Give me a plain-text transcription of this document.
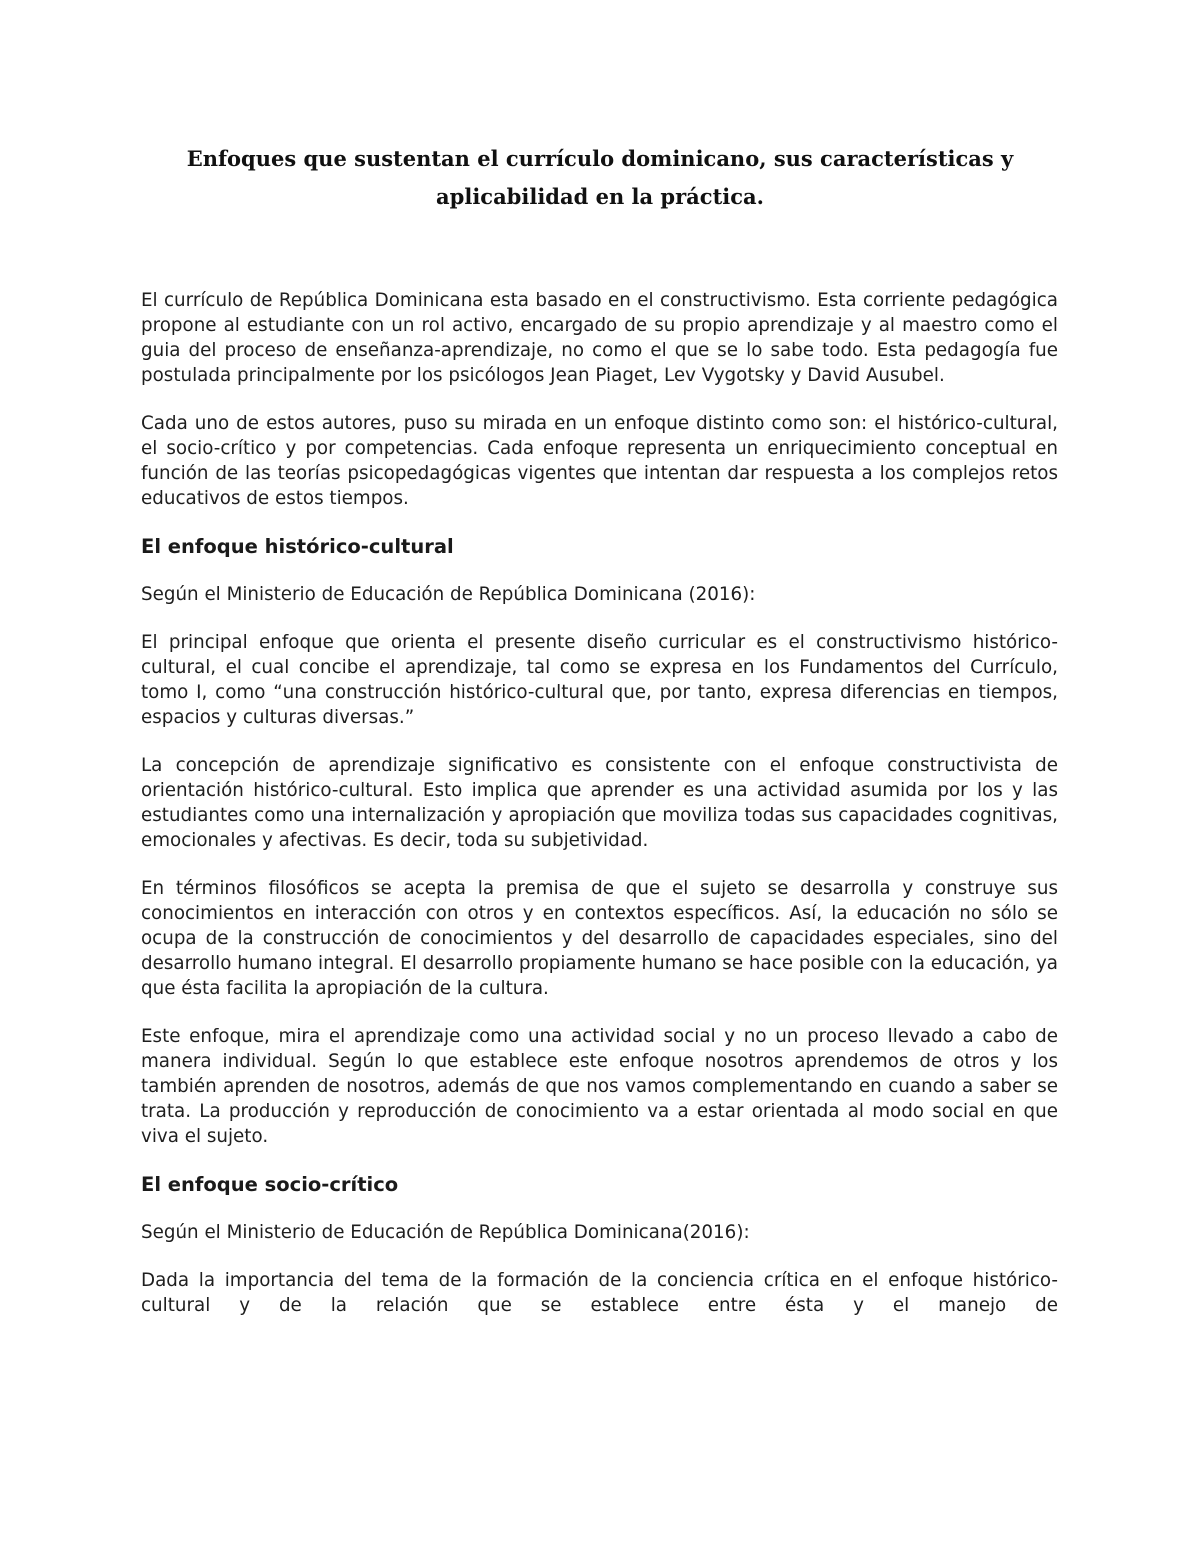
Enfoques que sustentan el currículo dominicano, sus características y aplicabilidad en la práctica.

El currículo de República Dominicana esta basado en el constructivismo. Esta corriente pedagógica propone al estudiante con un rol activo, encargado de su propio aprendizaje y al maestro como el guia del proceso de enseñanza-aprendizaje, no como el que se lo sabe todo. Esta pedagogía fue postulada principalmente por los psicólogos Jean Piaget, Lev Vygotsky y David Ausubel.

Cada uno de estos autores, puso su mirada en un enfoque distinto como son: el histórico-cultural, el socio-crítico y por competencias. Cada enfoque representa un enriquecimiento conceptual en función de las teorías psicopedagógicas vigentes que intentan dar respuesta a los complejos retos educativos de estos tiempos.

El enfoque histórico-cultural

Según el Ministerio de Educación de República Dominicana (2016):

El principal enfoque que orienta el presente diseño curricular es el constructivismo histórico-cultural, el cual concibe el aprendizaje, tal como se expresa en los Fundamentos del Currículo, tomo I, como “una construcción histórico-cultural que, por tanto, expresa diferencias en tiempos, espacios y culturas diversas.”

La concepción de aprendizaje significativo es consistente con el enfoque constructivista de orientación histórico-cultural. Esto implica que aprender es una actividad asumida por los y las estudiantes como una internalización y apropiación que moviliza todas sus capacidades cognitivas, emocionales y afectivas. Es decir, toda su subjetividad.

En términos filosóficos se acepta la premisa de que el sujeto se desarrolla y construye sus conocimientos en interacción con otros y en contextos específicos. Así, la educación no sólo se ocupa de la construcción de conocimientos y del desarrollo de capacidades especiales, sino del desarrollo humano integral. El desarrollo propiamente humano se hace posible con la educación, ya que ésta facilita la apropiación de la cultura.

Este enfoque, mira el aprendizaje como una actividad social y no un proceso llevado a cabo de manera individual. Según lo que establece este enfoque nosotros aprendemos de otros y los también aprenden de nosotros, además de que nos vamos complementando en cuando a saber se trata. La producción y reproducción de conocimiento va a estar orientada al modo social en que viva el sujeto.

El enfoque socio-crítico

Según el Ministerio de Educación de República Dominicana(2016):

Dada la importancia del tema de la formación de la conciencia crítica en el enfoque histórico-cultural y de la relación que se establece entre ésta y el manejo de
